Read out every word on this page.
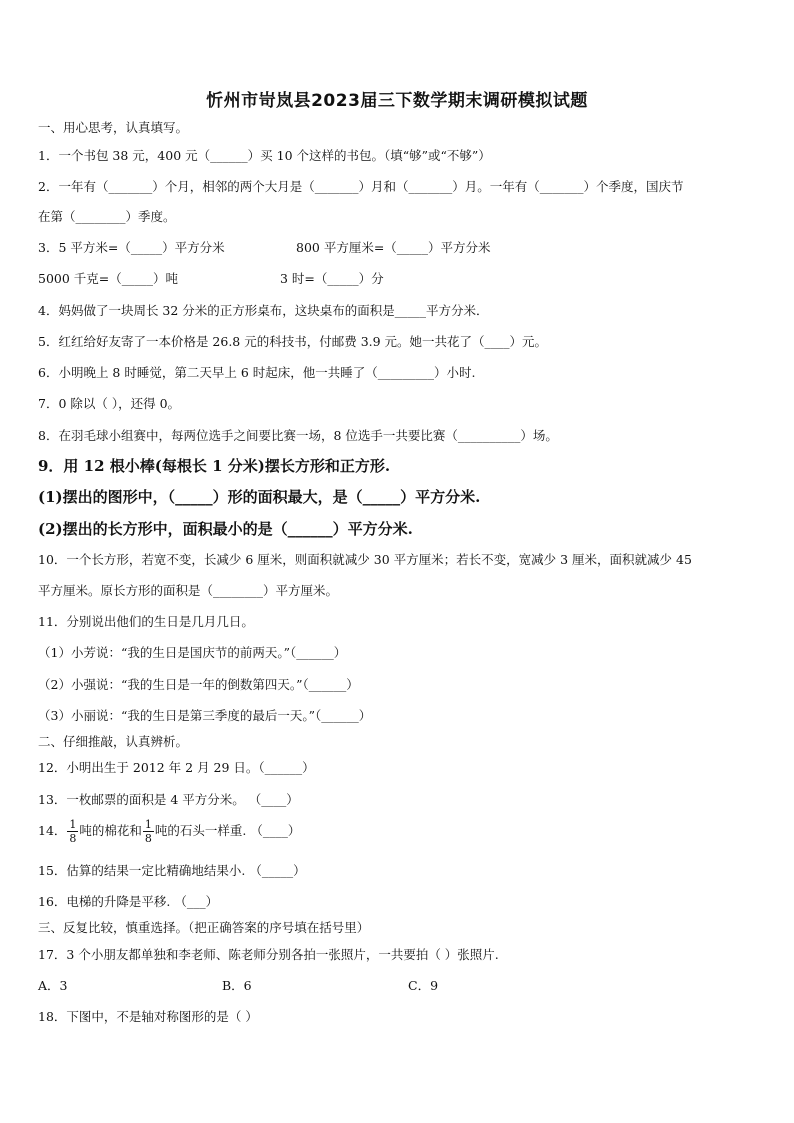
忻州市岢岚县2023届三下数学期末调研模拟试题
一、用心思考，认真填写。
1．一个书包 38 元，400 元（______）买 10 个这样的书包。（填“够”或“不够”）
2．一年有（_______）个月，相邻的两个大月是（_______）月和（_______）月。一年有（_______）个季度，国庆节
在第（________）季度。
3．5 平方米=（_____）平方分米	800 平方厘米=（_____）平方分米
5000 千克=（_____）吨	3 时=（_____）分
4．妈妈做了一块周长 32 分米的正方形桌布，这块桌布的面积是_____平方分米．
5．红红给好友寄了一本价格是 26.8 元的科技书，付邮费 3.9 元。她一共花了（____）元。
6．小明晚上 8 时睡觉，第二天早上 6 时起床，他一共睡了（_________）小时.
7．0 除以（ ），还得 0。
8．在羽毛球小组赛中，每两位选手之间要比赛一场，8 位选手一共要比赛（__________）场。
9．用 12 根小棒(每根长 1 分米)摆长方形和正方形.
(1)摆出的图形中，（_____）形的面积最大，是（_____）平方分米.
(2)摆出的长方形中，面积最小的是（______）平方分米.
10．一个长方形，若宽不变，长减少 6 厘米，则面积就减少 30 平方厘米；若长不变，宽减少 3 厘米，面积就减少 45
平方厘米。原长方形的面积是（________）平方厘米。
11．分别说出他们的生日是几月几日。
（1）小芳说：“我的生日是国庆节的前两天。”（______）
（2）小强说：“我的生日是一年的倒数第四天。”（______）
（3）小丽说：“我的生日是第三季度的最后一天。”（______）
二、仔细推敲，认真辨析。
12．小明出生于 2012 年 2 月 29 日。（______）
13．一枚邮票的面积是 4 平方分米。 （____）
14． $\frac{1}{8}$ 吨的棉花和 $\frac{1}{8}$ 吨的石头一样重. （____）
15．估算的结果一定比精确地结果小. （_____）
16．电梯的升降是平移. （___）
三、反复比较，慎重选择。（把正确答案的序号填在括号里）
17．3 个小朋友都单独和李老师、陈老师分别各拍一张照片，一共要拍（ ）张照片.
A．3	B．6	C．9
18．下图中，不是轴对称图形的是（ ）
